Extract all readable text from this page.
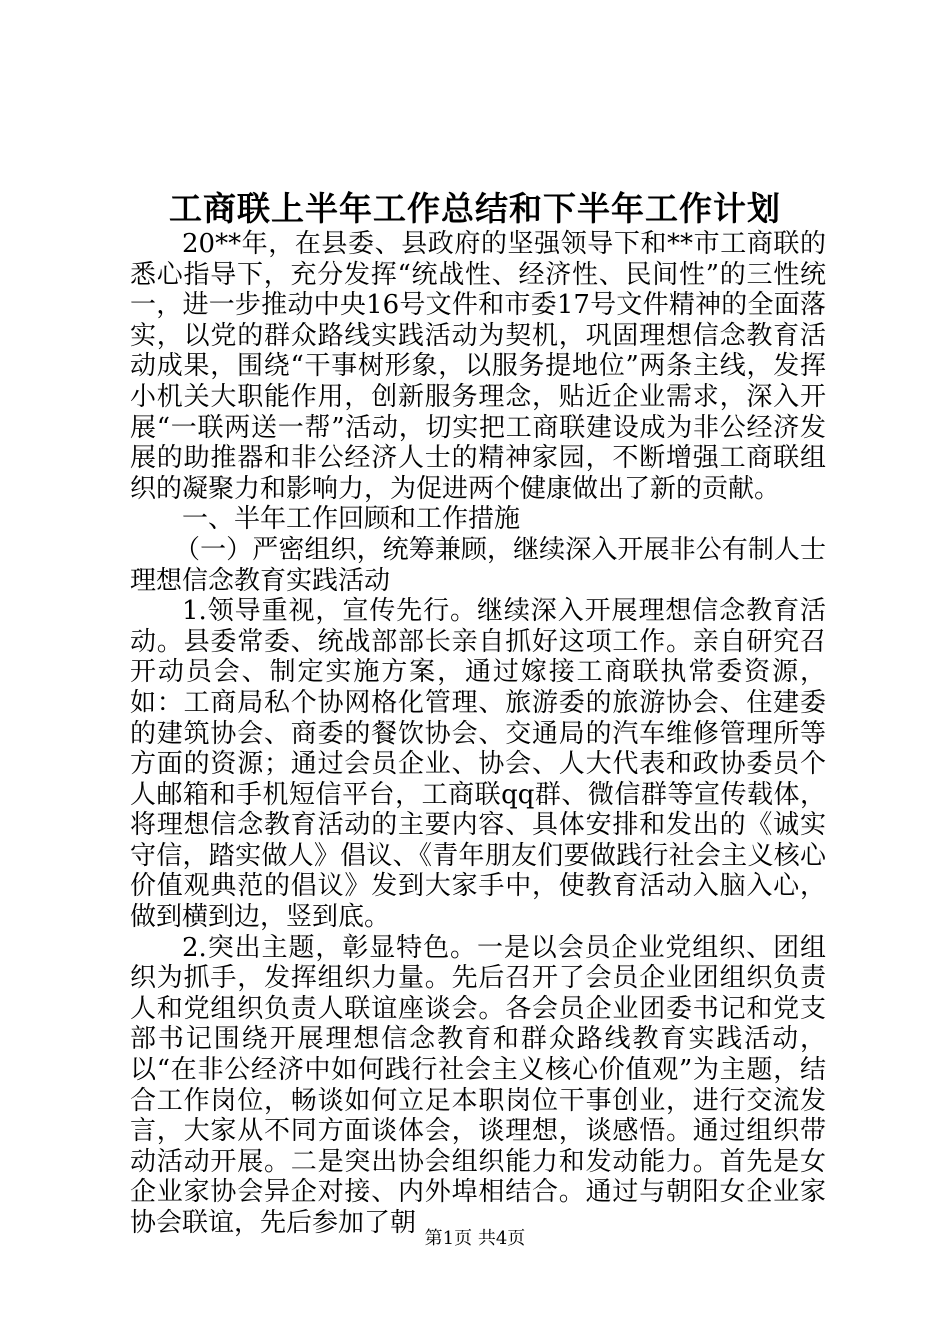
工商联上半年工作总结和下半年工作计划

20**年，在县委、县政府的坚强领导下和**市工商联的悉心指导下，充分发挥“统战性、经济性、民间性”的三性统一，进一步推动中央16号文件和市委17号文件精神的全面落实，以党的群众路线实践活动为契机，巩固理想信念教育活动成果，围绕“干事树形象，以服务提地位”两条主线，发挥小机关大职能作用，创新服务理念，贴近企业需求，深入开展“一联两送一帮”活动，切实把工商联建设成为非公经济发展的助推器和非公经济人士的精神家园，不断增强工商联组织的凝聚力和影响力，为促进两个健康做出了新的贡献。

一、半年工作回顾和工作措施

（一）严密组织，统筹兼顾，继续深入开展非公有制人士理想信念教育实践活动

1.领导重视，宣传先行。继续深入开展理想信念教育活动。县委常委、统战部部长亲自抓好这项工作。亲自研究召开动员会、制定实施方案，通过嫁接工商联执常委资源，如：工商局私个协网格化管理、旅游委的旅游协会、住建委的建筑协会、商委的餐饮协会、交通局的汽车维修管理所等方面的资源；通过会员企业、协会、人大代表和政协委员个人邮箱和手机短信平台，工商联qq群、微信群等宣传载体，将理想信念教育活动的主要内容、具体安排和发出的《诚实守信，踏实做人》倡议、《青年朋友们要做践行社会主义核心价值观典范的倡议》发到大家手中，使教育活动入脑入心，做到横到边，竖到底。

2.突出主题，彰显特色。一是以会员企业党组织、团组织为抓手，发挥组织力量。先后召开了会员企业团组织负责人和党组织负责人联谊座谈会。各会员企业团委书记和党支部书记围绕开展理想信念教育和群众路线教育实践活动，以“在非公经济中如何践行社会主义核心价值观”为主题，结合工作岗位，畅谈如何立足本职岗位干事创业，进行交流发言，大家从不同方面谈体会，谈理想，谈感悟。通过组织带动活动开展。二是突出协会组织能力和发动能力。首先是女企业家协会异企对接、内外埠相结合。通过与朝阳女企业家协会联谊，先后参加了朝

第1页 共4页
